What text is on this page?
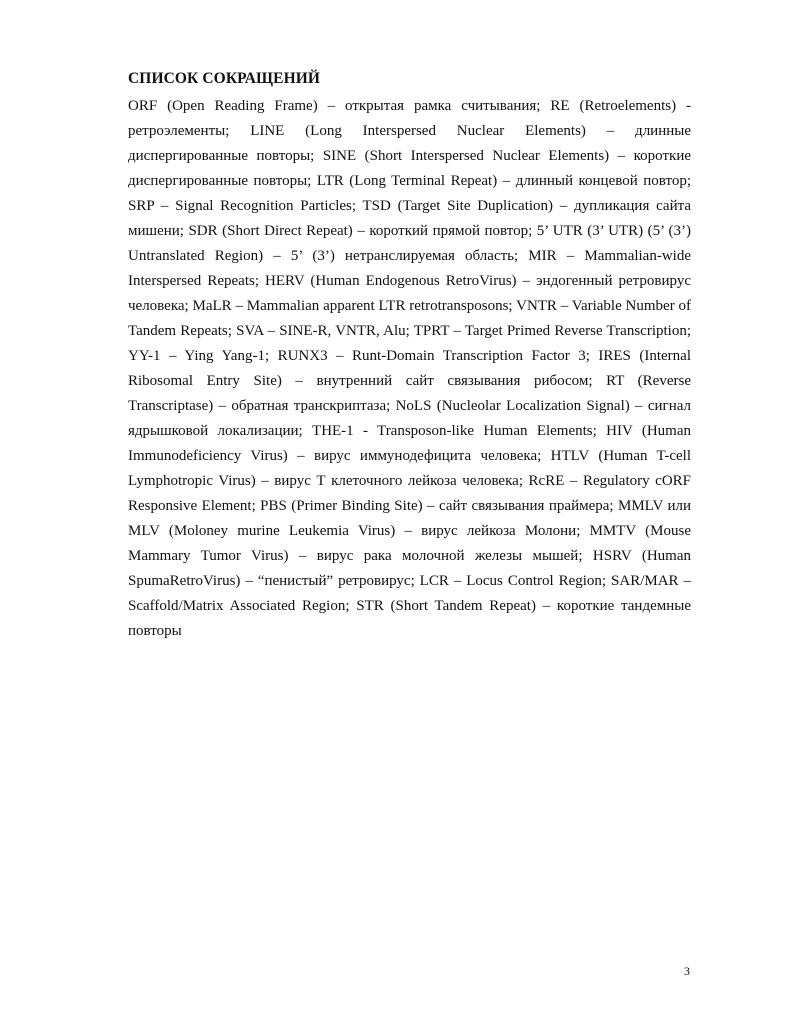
СПИСОК СОКРАЩЕНИЙ

ORF (Open Reading Frame) – открытая рамка считывания; RE (Retroelements) - ретроэлементы; LINE (Long Interspersed Nuclear Elements) – длинные диспергированные повторы; SINE (Short Interspersed Nuclear Elements) – короткие диспергированные повторы; LTR (Long Terminal Repeat) – длинный концевой повтор; SRP – Signal Recognition Particles; TSD (Target Site Duplication) – дупликация сайта мишени; SDR (Short Direct Repeat) – короткий прямой повтор; 5’ UTR (3’ UTR) (5’ (3’) Untranslated Region) – 5’ (3’) нетранслируемая область; MIR – Mammalian-wide Interspersed Repeats; HERV (Human Endogenous RetroVirus) – эндогенный ретровирус человека; MaLR – Mammalian apparent LTR retrotransposons; VNTR – Variable Number of Tandem Repeats; SVA – SINE-R, VNTR, Alu; TPRT – Target Primed Reverse Transcription; YY-1 – Ying Yang-1; RUNX3 – Runt-Domain Transcription Factor 3; IRES (Internal Ribosomal Entry Site) – внутренний сайт связывания рибосом; RT (Reverse Transcriptase) – обратная транскриптаза; NoLS (Nucleolar Localization Signal) – сигнал ядрышковой локализации; THE-1 - Transposon-like Human Elements; HIV (Human Immunodeficiency Virus) – вирус иммунодефицита человека; HTLV (Human T-cell Lymphotropic Virus) – вирус Т клеточного лейкоза человека; RcRE – Regulatory cORF Responsive Element; PBS (Primer Binding Site) – сайт связывания праймера; MMLV или MLV (Moloney murine Leukemia Virus) – вирус лейкоза Молони; MMTV (Mouse Mammary Tumor Virus) – вирус рака молочной железы мышей; HSRV (Human SpumaRetroVirus) – “пенистый” ретровирус; LCR – Locus Control Region; SAR/MAR – Scaffold/Matrix Associated Region; STR (Short Tandem Repeat) – короткие тандемные повторы

3
